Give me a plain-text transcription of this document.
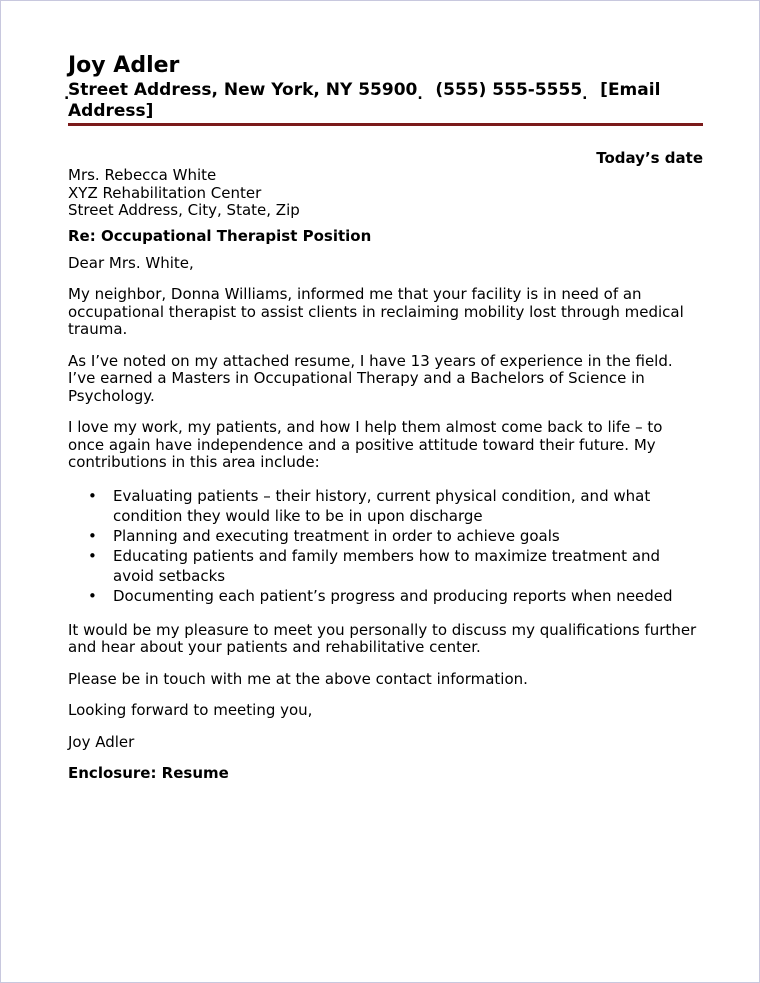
Joy Adler
.
Street Address, New York, NY 55900. (555) 555-5555. [Email
Address]
Today’s date
Mrs. Rebecca White
XYZ Rehabilitation Center
Street Address, City, State, Zip
Re: Occupational Therapist Position

Dear Mrs. White,

My neighbor, Donna Williams, informed me that your facility is in need of an occupational therapist to assist clients in reclaiming mobility lost through medical trauma.

As I’ve noted on my attached resume, I have 13 years of experience in the field. I’ve earned a Masters in Occupational Therapy and a Bachelors of Science in Psychology.

I love my work, my patients, and how I help them almost come back to life – to once again have independence and a positive attitude toward their future. My contributions in this area include:

• Evaluating patients – their history, current physical condition, and what condition they would like to be in upon discharge
• Planning and executing treatment in order to achieve goals
• Educating patients and family members how to maximize treatment and avoid setbacks
• Documenting each patient’s progress and producing reports when needed

It would be my pleasure to meet you personally to discuss my qualifications further and hear about your patients and rehabilitative center.

Please be in touch with me at the above contact information.

Looking forward to meeting you,

Joy Adler

Enclosure: Resume
